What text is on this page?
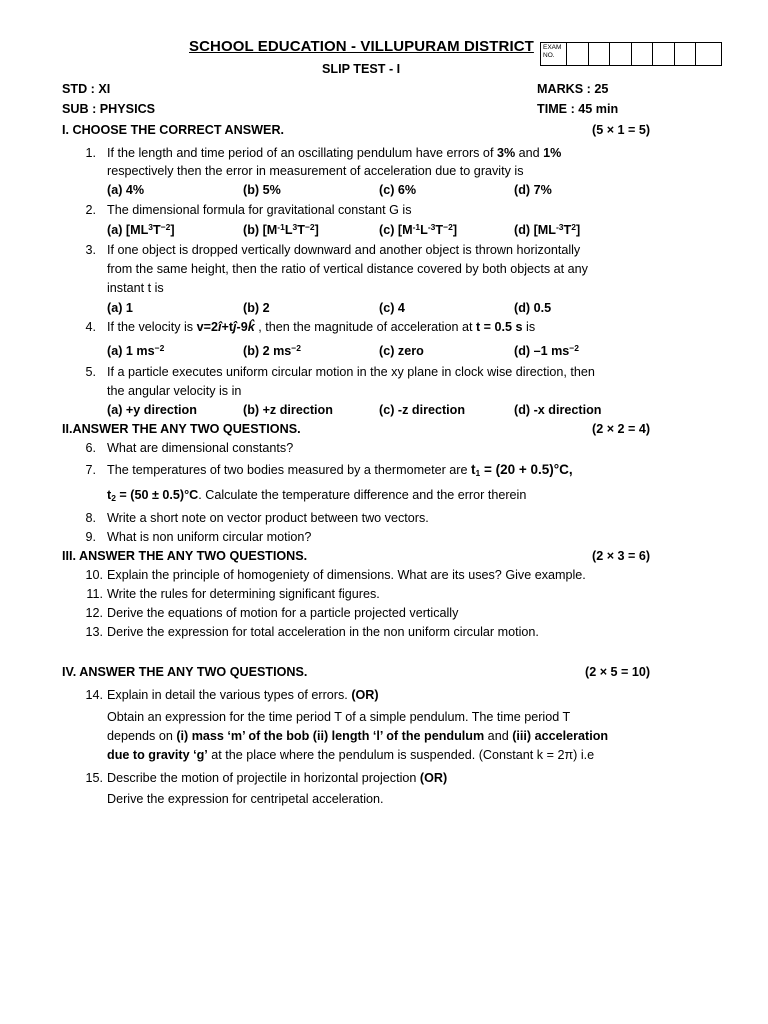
SCHOOL EDUCATION - VILLUPURAM DISTRICT EXAM
NO.
SLIP TEST - I
STD : XI	MARKS : 25
SUB : PHYSICS	TIME : 45 min
I. CHOOSE THE CORRECT ANSWER.	(5 × 1 = 5)
1. If the length and time period of an oscillating pendulum have errors of 3% and 1%
respectively then the error in measurement of acceleration due to gravity is
(a) 4%	(b) 5%	(c) 6%	(d) 7%
2. The dimensional formula for gravitational constant G is
(a) $[ML^3T^{-2}]$	(b) $[M^{-1}L^3T^{-2}]$	(c) $[M^{-1}L^{-3}T^{-2}]$	(d) $[ML^{-3}T^2]$
3. If one object is dropped vertically downward and another object is thrown horizontally
from the same height, then the ratio of vertical distance covered by both objects at any
instant t is
(a) 1	(b) 2	(c) 4	(d) 0.5
4. If the velocity is v=2î+tĵ-9k̂ , then the magnitude of acceleration at t = 0.5 s is
(a) 1 $ms^{-2}$	(b) 2 $ms^{-2}$	(c) zero	(d) –1 $ms^{-2}$
5. If a particle executes uniform circular motion in the xy plane in clock wise direction, then
the angular velocity is in
(a) +y direction	(b) +z direction	(c) -z direction	(d) -x direction
II.ANSWER THE ANY TWO QUESTIONS.	(2 × 2 = 4)
6. What are dimensional constants?
7. The temperatures of two bodies measured by a thermometer are $t_1 = (20 + 0.5)^\circ C$,
$t_2 = (50 \pm 0.5)^\circ C$. Calculate the temperature difference and the error therein
8. Write a short note on vector product between two vectors.
9. What is non uniform circular motion?
III. ANSWER THE ANY TWO QUESTIONS.	(2 × 3 = 6)
10. Explain the principle of homogeniety of dimensions. What are its uses? Give example.
11. Write the rules for determining significant figures.
12. Derive the equations of motion for a particle projected vertically
13. Derive the expression for total acceleration in the non uniform circular motion.
IV. ANSWER THE ANY TWO QUESTIONS.	(2 × 5 = 10)
14. Explain in detail the various types of errors. (OR)
Obtain an expression for the time period T of a simple pendulum. The time period T
depends on (i) mass ‘m’ of the bob (ii) length ‘l’ of the pendulum and (iii) acceleration
due to gravity ‘g’ at the place where the pendulum is suspended. (Constant k = 2π) i.e
15. Describe the motion of projectile in horizontal projection (OR)
Derive the expression for centripetal acceleration.
